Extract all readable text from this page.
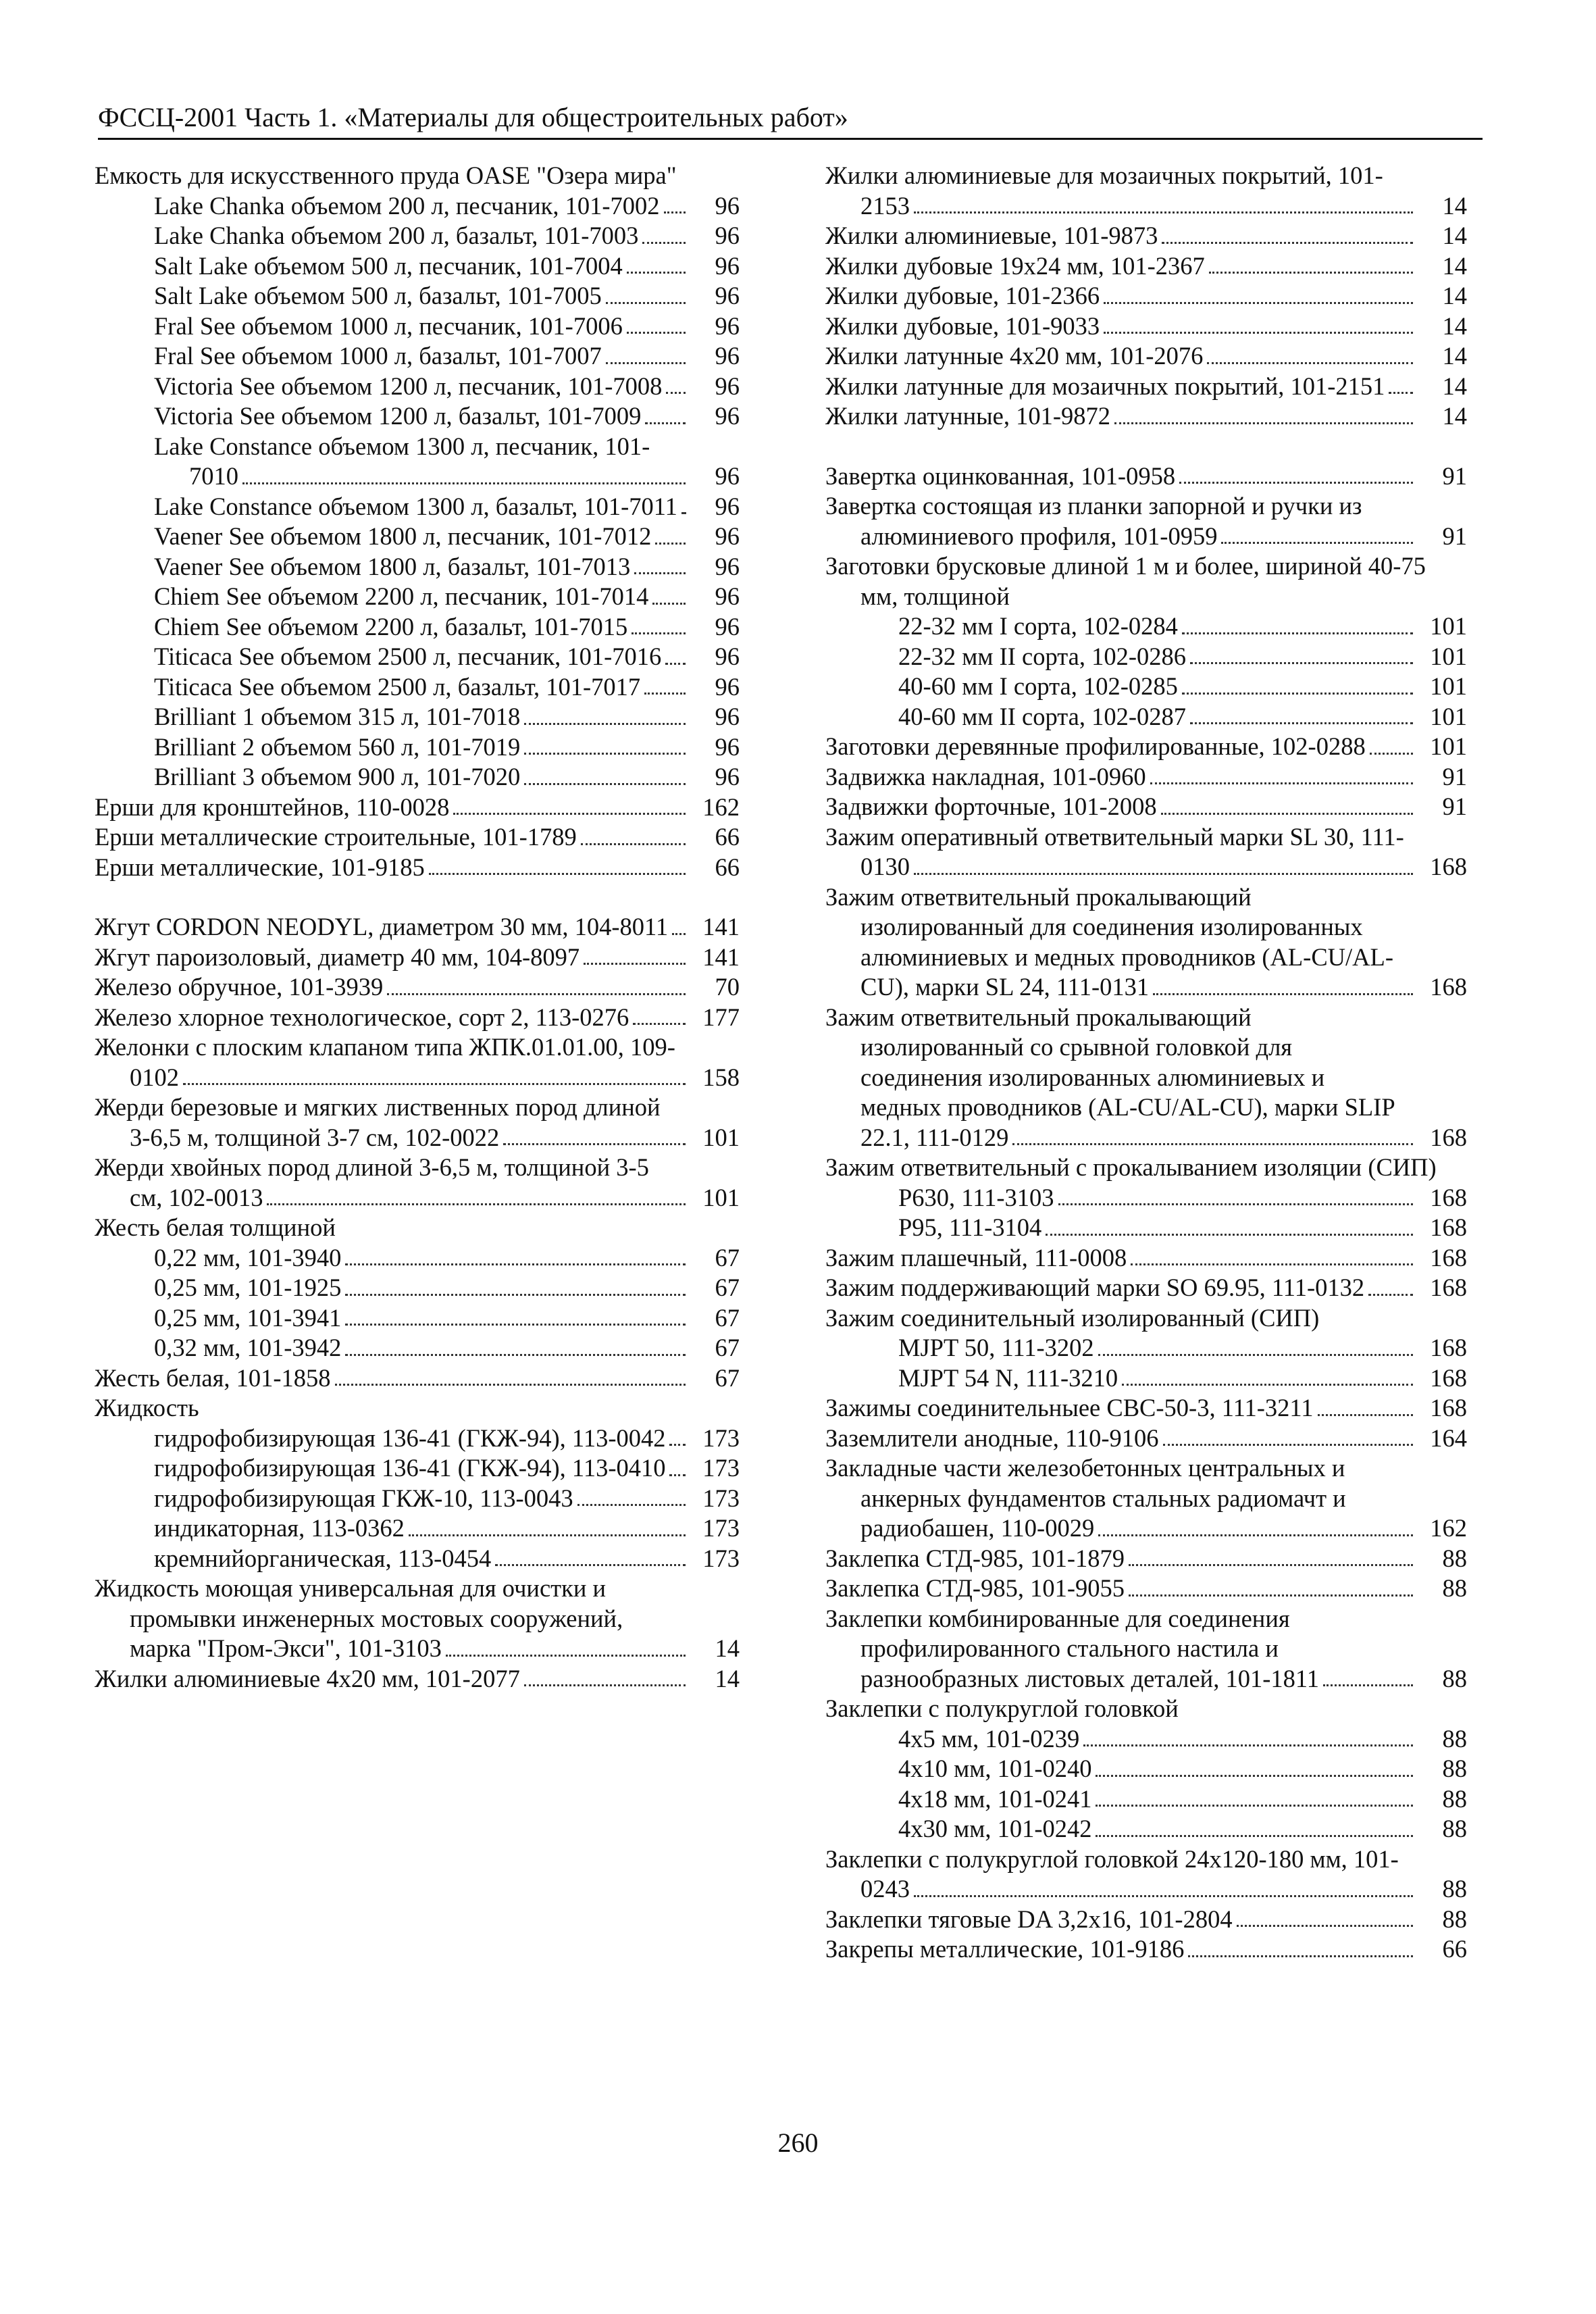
ФССЦ-2001 Часть 1. «Материалы для общестроительных работ»
Емкость для искусственного пруда OASE "Озера мира"
Lake Chanka объемом 200 л, песчаник, 101-7002 96
Lake Chanka объемом 200 л, базальт, 101-7003	96
Salt Lake объемом 500 л, песчаник, 101-7004	96
Salt Lake объемом 500 л, базальт, 101-7005	96
Fral See объемом 1000 л, песчаник, 101-7006	96
Fral See объемом 1000 л, базальт, 101-7007	96
Victoria See объемом 1200 л, песчаник, 101-7008 96
Victoria See объемом 1200 л, базальт, 101-7009	96
Lake Constance объемом 1300 л, песчаник, 101-7010	96
Lake Constance объемом 1300 л, базальт, 101-7011 96
Vaener See объемом 1800 л, песчаник, 101-7012	96
Vaener See объемом 1800 л, базальт, 101-7013	96
Chiem See объемом 2200 л, песчаник, 101-7014	96
Chiem See объемом 2200 л, базальт, 101-7015	96
Titicaca See объемом 2500 л, песчаник, 101-7016 96
Titicaca See объемом 2500 л, базальт, 101-7017	96
Brilliant 1 объемом 315 л, 101-7018	96
Brilliant 2 объемом 560 л, 101-7019	96
Brilliant 3 объемом 900 л, 101-7020	96
Ерши для кронштейнов, 110-0028	162
Ерши металлические строительные, 101-1789	66
Ерши металлические, 101-9185	66
Жгут CORDON NEODYL, диаметром 30 мм, 104-8011 141
Жгут пароизоловый, диаметр 40 мм, 104-8097	141
Железо обручное, 101-3939	70
Железо хлорное технологическое, сорт 2, 113-0276	177
Желонки с плоским клапаном типа ЖПК.01.01.00, 109-0102	158
Жерди березовые и мягких лиственных пород длиной 3-6,5 м, толщиной 3-7 см, 102-0022	101
Жерди хвойных пород длиной 3-6,5 м, толщиной 3-5 см, 102-0013	101
Жесть белая толщиной
0,22 мм, 101-3940	67
0,25 мм, 101-1925	67
0,25 мм, 101-3941	67
0,32 мм, 101-3942	67
Жесть белая, 101-1858	67
Жидкость
гидрофобизирующая 136-41 (ГКЖ-94), 113-0042 173
гидрофобизирующая 136-41 (ГКЖ-94), 113-0410 173
гидрофобизирующая ГКЖ-10, 113-0043	173
индикаторная, 113-0362	173
кремнийорганическая, 113-0454	173
Жидкость моющая универсальная для очистки и промывки инженерных мостовых сооружений, марка "Пром-Экси", 101-3103	14
Жилки алюминиевые 4х20 мм, 101-2077	14
Жилки алюминиевые для мозаичных покрытий, 101-2153	14
Жилки алюминиевые, 101-9873	14
Жилки дубовые 19х24 мм, 101-2367	14
Жилки дубовые, 101-2366	14
Жилки дубовые, 101-9033	14
Жилки латунные 4х20 мм, 101-2076	14
Жилки латунные для мозаичных покрытий, 101-2151 14
Жилки латунные, 101-9872	14
Завертка оцинкованная, 101-0958	91
Завертка состоящая из планки запорной и ручки из алюминиевого профиля, 101-0959	91
Заготовки брусковые длиной 1 м и более, шириной 40-75 мм, толщиной
22-32 мм I сорта, 102-0284	101
22-32 мм II сорта, 102-0286	101
40-60 мм I сорта, 102-0285	101
40-60 мм II сорта, 102-0287	101
Заготовки деревянные профилированные, 102-0288	101
Задвижка накладная, 101-0960	91
Задвижки форточные, 101-2008	91
Зажим оперативный ответвительный марки SL 30, 111-0130	168
Зажим ответвительный прокалывающий изолированный для соединения изолированных алюминиевых и медных проводников (AL-CU/AL-CU), марки SL 24, 111-0131	168
Зажим ответвительный прокалывающий изолированный со срывной головкой для соединения изолированных алюминиевых и медных проводников (AL-CU/AL-CU), марки SLIP 22.1, 111-0129	168
Зажим ответвительный с прокалыванием изоляции (СИП)
P630, 111-3103	168
P95, 111-3104	168
Зажим плашечный, 111-0008	168
Зажим поддерживающий марки SO 69.95, 111-0132	168
Зажим соединительный изолированный (СИП)
MJPT 50, 111-3202	168
MJPT 54 N, 111-3210	168
Зажимы соединительныее СВС-50-3, 111-3211	168
Заземлители анодные, 110-9106	164
Закладные части железобетонных центральных и анкерных фундаментов стальных радиомачт и радиобашен, 110-0029	162
Заклепка СТД-985, 101-1879	88
Заклепка СТД-985, 101-9055	88
Заклепки комбинированные для соединения профилированного стального настила и разнообразных листовых деталей, 101-1811	88
Заклепки с полукруглой головкой
4х5 мм, 101-0239	88
4х10 мм, 101-0240	88
4х18 мм, 101-0241	88
4х30 мм, 101-0242	88
Заклепки с полукруглой головкой 24х120-180 мм, 101-0243	88
Заклепки тяговые DA 3,2х16, 101-2804	88
Закрепы металлические, 101-9186	66
260
